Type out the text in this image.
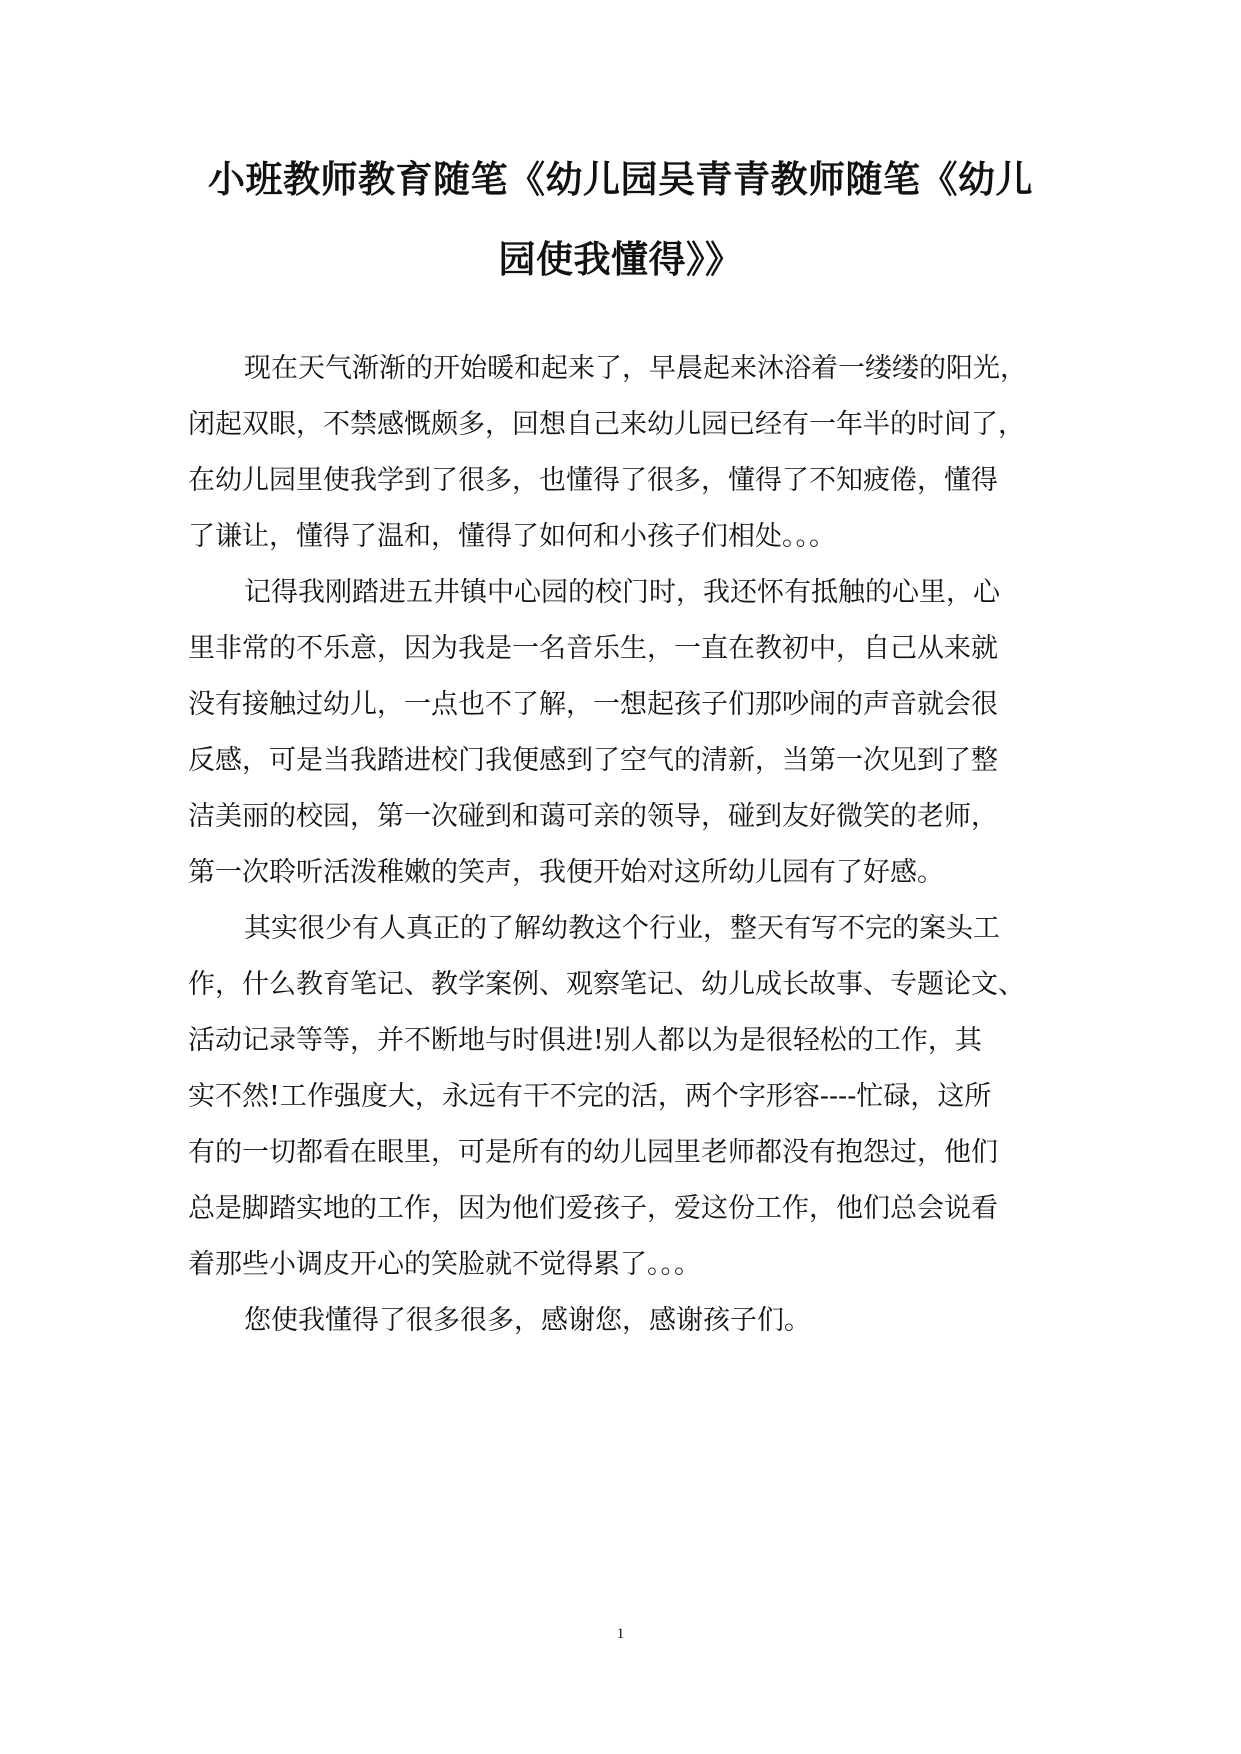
小班教师教育随笔《幼儿园吴青青教师随笔《幼儿
园使我懂得》》
现在天气渐渐的开始暖和起来了，早晨起来沐浴着一缕缕的阳光，
闭起双眼，不禁感慨颇多，回想自己来幼儿园已经有一年半的时间了，
在幼儿园里使我学到了很多，也懂得了很多，懂得了不知疲倦，懂得
了谦让，懂得了温和，懂得了如何和小孩子们相处。。。
记得我刚踏进五井镇中心园的校门时，我还怀有抵触的心里，心
里非常的不乐意，因为我是一名音乐生，一直在教初中，自己从来就
没有接触过幼儿，一点也不了解，一想起孩子们那吵闹的声音就会很
反感，可是当我踏进校门我便感到了空气的清新，当第一次见到了整
洁美丽的校园，第一次碰到和蔼可亲的领导，碰到友好微笑的老师，
第一次聆听活泼稚嫩的笑声，我便开始对这所幼儿园有了好感。
其实很少有人真正的了解幼教这个行业，整天有写不完的案头工
作，什么教育笔记、教学案例、观察笔记、幼儿成长故事、专题论文、
活动记录等等，并不断地与时俱进!别人都以为是很轻松的工作，其
实不然!工作强度大，永远有干不完的活，两个字形容----忙碌，这所
有的一切都看在眼里，可是所有的幼儿园里老师都没有抱怨过，他们
总是脚踏实地的工作，因为他们爱孩子，爱这份工作，他们总会说看
着那些小调皮开心的笑脸就不觉得累了。。。
您使我懂得了很多很多，感谢您，感谢孩子们。
1
